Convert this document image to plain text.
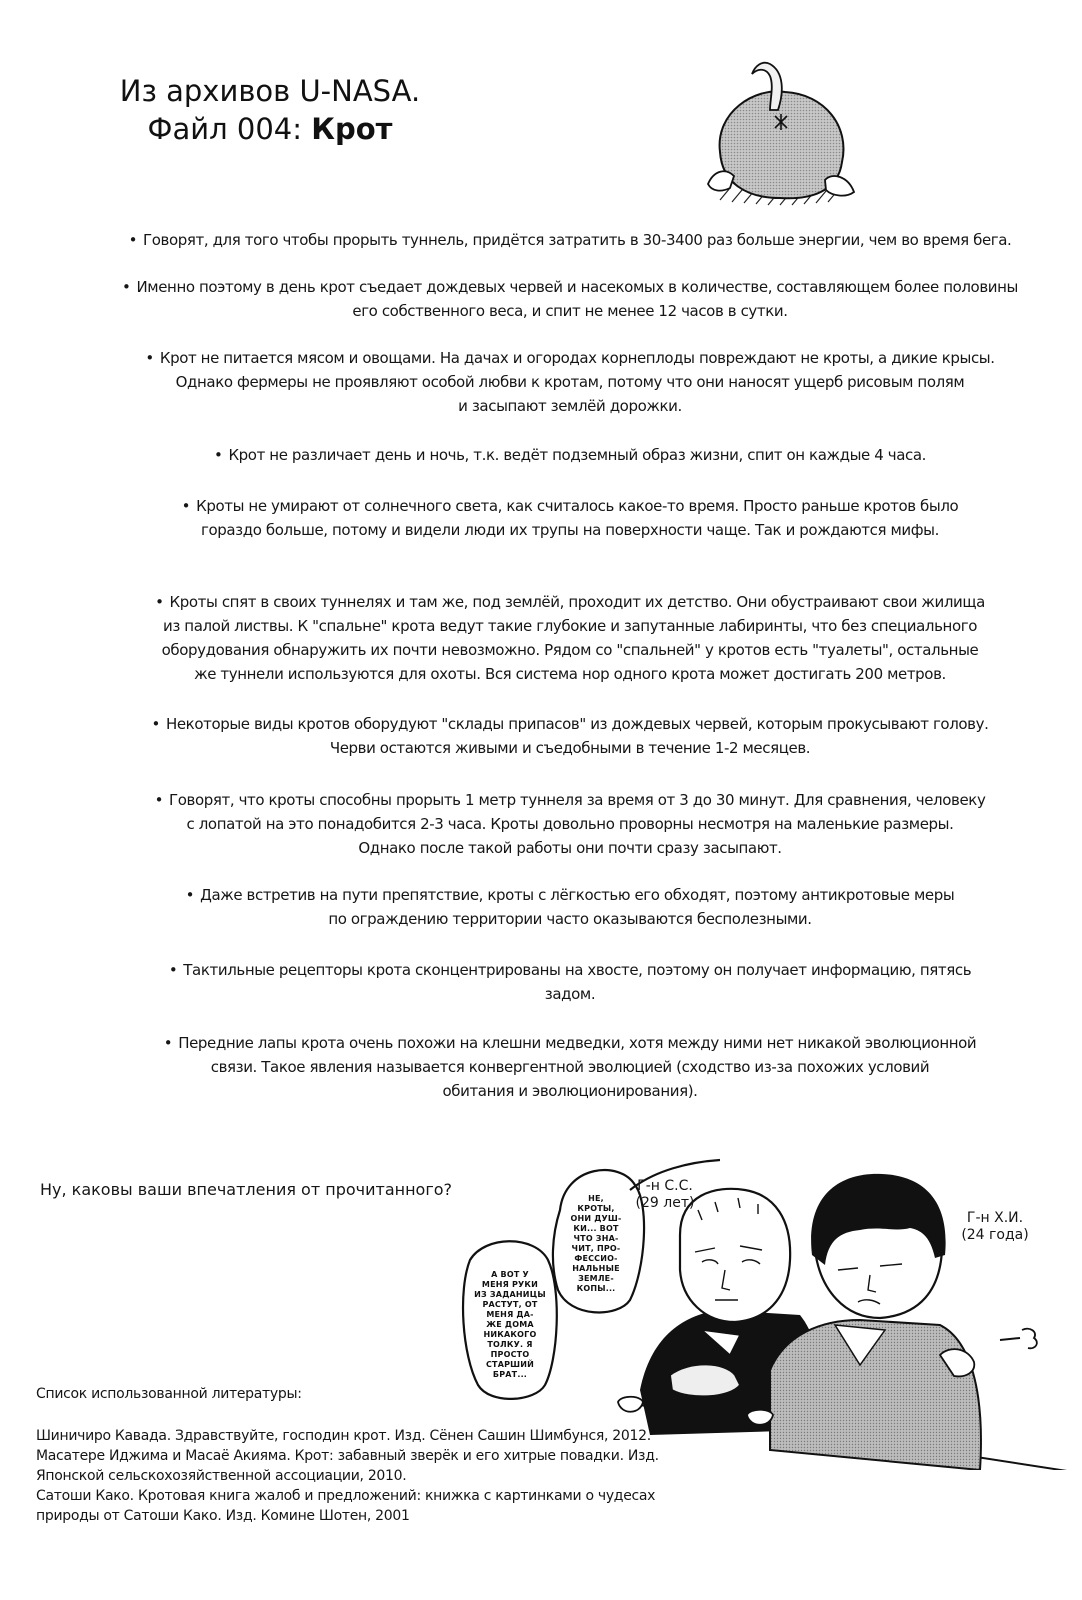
Из архивов U-NASA.
Файл 004: Крот
• Говорят, для того чтобы прорыть туннель, придётся затратить в 30-3400 раз больше энергии, чем во время бега.
• Именно поэтому в день крот съедает дождевых червей и насекомых в количестве, составляющем более половины
его собственного веса, и спит не менее 12 часов в сутки.
• Крот не питается мясом и овощами. На дачах и огородах корнеплоды повреждают не кроты, а дикие крысы.
Однако фермеры не проявляют особой любви к кротам, потому что они наносят ущерб рисовым полям
и засыпают землёй дорожки.
• Крот не различает день и ночь, т.к. ведёт подземный образ жизни, спит он каждые 4 часа.
• Кроты не умирают от солнечного света, как считалось какое-то время. Просто раньше кротов было
гораздо больше, потому и видели люди их трупы на поверхности чаще. Так и рождаются мифы.
• Кроты спят в своих туннелях и там же, под землёй, проходит их детство. Они обустраивают свои жилища
из палой листвы. К "спальне" крота ведут такие глубокие и запутанные лабиринты, что без специального
оборудования обнаружить их почти невозможно. Рядом со "спальней" у кротов есть "туалеты", остальные
же туннели используются для охоты. Вся система нор одного крота может достигать 200 метров.
• Некоторые виды кротов оборудуют "склады припасов" из дождевых червей, которым прокусывают голову.
Черви остаются живыми и съедобными в течение 1-2 месяцев.
• Говорят, что кроты способны прорыть 1 метр туннеля за время от 3 до 30 минут. Для сравнения, человеку
с лопатой на это понадобится 2-3 часа. Кроты довольно проворны несмотря на маленькие размеры.
Однако после такой работы они почти сразу засыпают.
• Даже встретив на пути препятствие, кроты с лёгкостью его обходят, поэтому антикротовые меры
по ограждению территории часто оказываются бесполезными.
• Тактильные рецепторы крота сконцентрированы на хвосте, поэтому он получает информацию, пятясь
задом.
• Передние лапы крота очень похожи на клешни медведки, хотя между ними нет никакой эволюционной
связи. Такое явления называется конвергентной эволюцией (сходство из-за похожих условий
обитания и эволюционирования).
Ну, каковы ваши впечатления от прочитанного?	НЕ,
КРОТЫ,
ОНИ ДУШ-
КИ... ВОТ
ЧТО ЗНА-
ЧИТ, ПРО-
ФЕССИО-
НАЛЬНЫЕ
ЗЕМЛЕ-
КОПЫ...
А ВОТ У
МЕНЯ РУКИ
ИЗ ЗАДАНИЦЫ
РАСТУТ, ОТ
МЕНЯ ДА-
ЖЕ ДОМА
НИКАКОГО
ТОЛКУ. Я
ПРОСТО
СТАРШИЙ
БРАТ...
Г-н С.С.
(29 лет)
Г-н Х.И.
(24 года)
Список использованной литературы:
Шиничиро Кавада. Здравствуйте, господин крот. Изд. Сёнен Сашин Шимбунся, 2012.
Масатере Иджима и Масаё Акияма. Крот: забавный зверёк и его хитрые повадки. Изд.
Японской сельскохозяйственной ассоциации, 2010.
Сатоши Како. Кротовая книга жалоб и предложений: книжка с картинками о чудесах
природы от Сатоши Како. Изд. Комине Шотен, 2001
